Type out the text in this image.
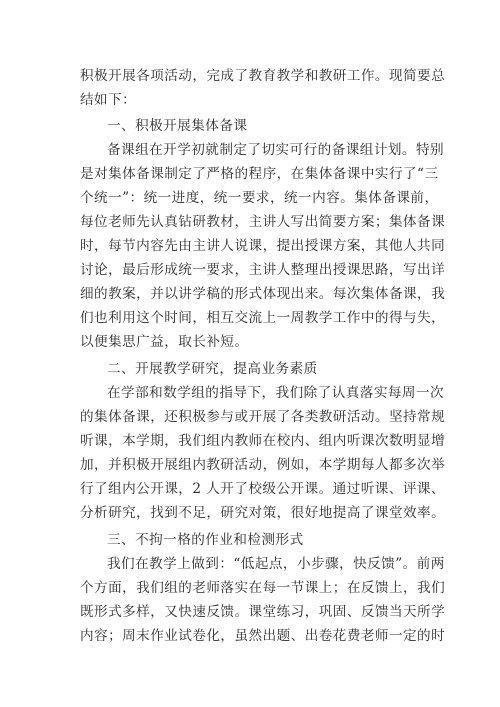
积极开展各项活动，完成了教育教学和教研工作。现简要总
结如下：
一、积极开展集体备课
备课组在开学初就制定了切实可行的备课组计划。特别
是对集体备课制定了严格的程序，在集体备课中实行了“三
个统一”：统一进度，统一要求，统一内容。集体备课前，
每位老师先认真钻研教材，主讲人写出简要方案；集体备课
时，每节内容先由主讲人说课，提出授课方案，其他人共同
讨论，最后形成统一要求，主讲人整理出授课思路，写出详
细的教案，并以讲学稿的形式体现出来。每次集体备课，我
们也利用这个时间，相互交流上一周教学工作中的得与失，
以便集思广益，取长补短。
二、开展教学研究，提高业务素质
在学部和数学组的指导下，我们除了认真落实每周一次
的集体备课，还积极参与或开展了各类教研活动。坚持常规
听课，本学期，我们组内教师在校内、组内听课次数明显增
加，并积极开展组内教研活动，例如，本学期每人都多次举
行了组内公开课，2 人开了校级公开课。通过听课、评课、
分析研究，找到不足，研究对策，很好地提高了课堂效率。
三、不拘一格的作业和检测形式
我们在教学上做到：“低起点，小步骤，快反馈”。前两
个方面，我们组的老师落实在每一节课上；在反馈上，我们
既形式多样，又快速反馈。课堂练习，巩固、反馈当天所学
内容；周末作业试卷化，虽然出题、出卷花费老师一定的时
